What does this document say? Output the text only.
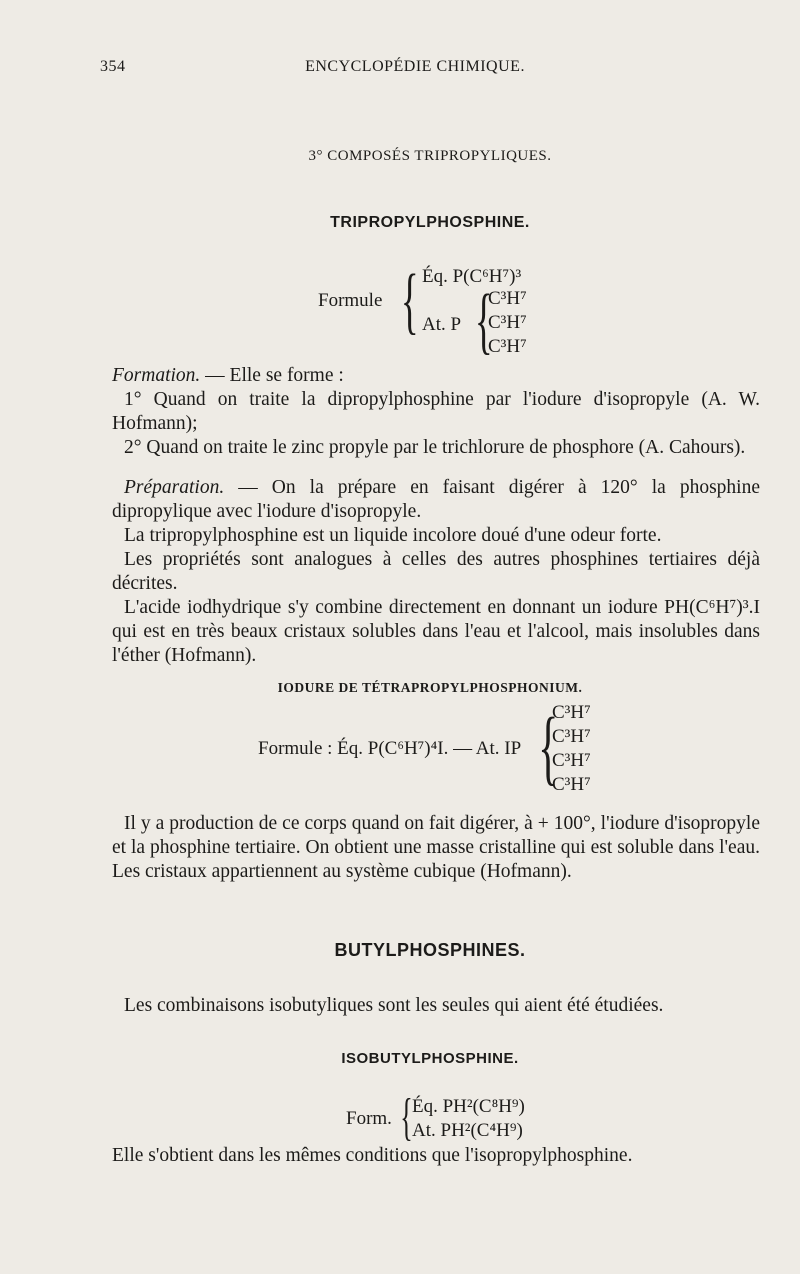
354	ENCYCLOPÉDIE CHIMIQUE.
3° COMPOSÉS TRIPROPYLIQUES.
TRIPROPYLPHOSPHINE.
Formule { Éq. P(C⁶H⁷)³
At. P {
C³H⁷
C³H⁷
C³H⁷
Formation. — Elle se forme :
1° Quand on traite la dipropylphosphine par l'iodure d'isopropyle (A. W. Hofmann);
2° Quand on traite le zinc propyle par le trichlorure de phosphore (A. Cahours).
Préparation. — On la prépare en faisant digérer à 120° la phosphine dipropylique avec l'iodure d'isopropyle.
La tripropylphosphine est un liquide incolore doué d'une odeur forte.
Les propriétés sont analogues à celles des autres phosphines tertiaires déjà décrites.
L'acide iodhydrique s'y combine directement en donnant un iodure PH(C⁶H⁷)³.I qui est en très beaux cristaux solubles dans l'eau et l'alcool, mais insolubles dans l'éther (Hofmann).
IODURE DE TÉTRAPROPYLPHOSPHONIUM.
Formule : Éq. P(C⁶H⁷)⁴I. — At. IP {
C³H⁷
C³H⁷
C³H⁷
C³H⁷
Il y a production de ce corps quand on fait digérer, à + 100°, l'iodure d'isopropyle et la phosphine tertiaire. On obtient une masse cristalline qui est soluble dans l'eau. Les cristaux appartiennent au système cubique (Hofmann).
BUTYLPHOSPHINES.
Les combinaisons isobutyliques sont les seules qui aient été étudiées.
ISOBUTYLPHOSPHINE.
Form. { Éq. PH²(C⁸H⁹)
At. PH²(C⁴H⁹)
Elle s'obtient dans les mêmes conditions que l'isopropylphosphine.
